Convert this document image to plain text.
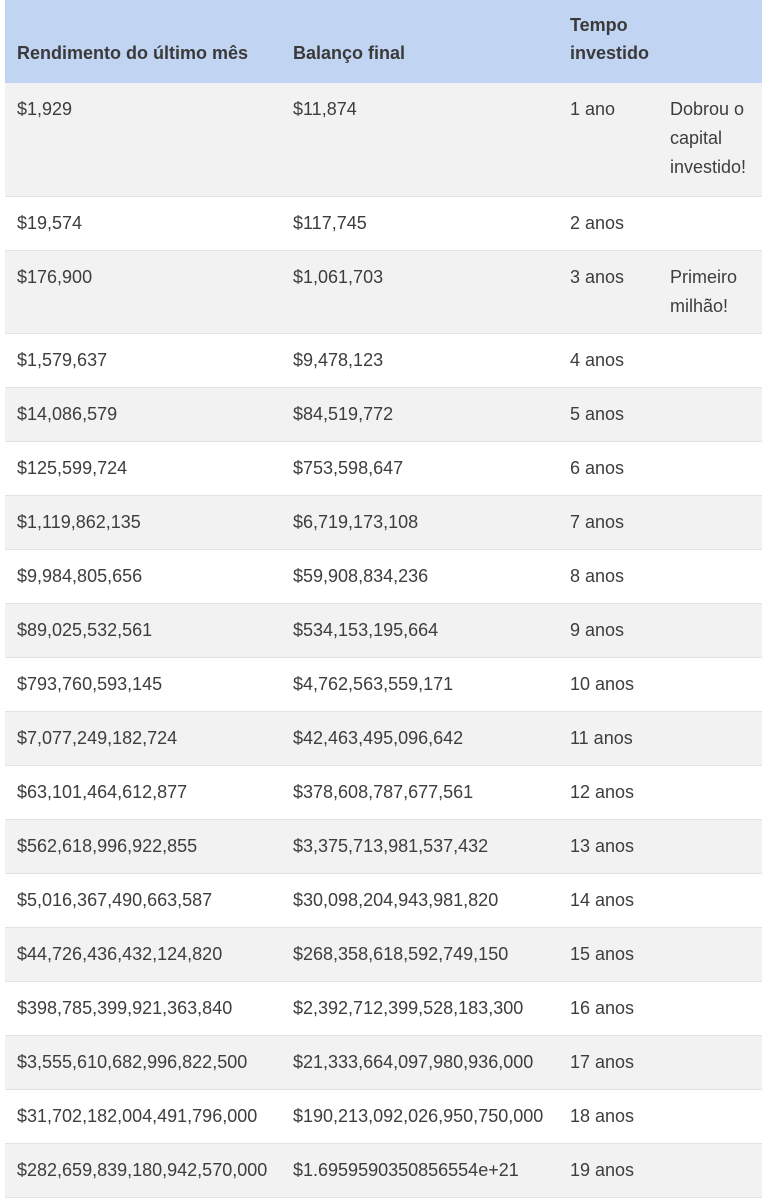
Rendimento do último mês	Balanço final	Tempo investido	
$1,929	$11,874	1 ano	Dobrou o capital investido!
$19,574	$117,745	2 anos	
$176,900	$1,061,703	3 anos	Primeiro milhão!
$1,579,637	$9,478,123	4 anos	
$14,086,579	$84,519,772	5 anos	
$125,599,724	$753,598,647	6 anos	
$1,119,862,135	$6,719,173,108	7 anos	
$9,984,805,656	$59,908,834,236	8 anos	
$89,025,532,561	$534,153,195,664	9 anos	
$793,760,593,145	$4,762,563,559,171	10 anos	
$7,077,249,182,724	$42,463,495,096,642	11 anos	
$63,101,464,612,877	$378,608,787,677,561	12 anos	
$562,618,996,922,855	$3,375,713,981,537,432	13 anos	
$5,016,367,490,663,587	$30,098,204,943,981,820	14 anos	
$44,726,436,432,124,820	$268,358,618,592,749,150	15 anos	
$398,785,399,921,363,840	$2,392,712,399,528,183,300	16 anos	
$3,555,610,682,996,822,500	$21,333,664,097,980,936,000	17 anos	
$31,702,182,004,491,796,000	$190,213,092,026,950,750,000	18 anos	
$282,659,839,180,942,570,000	$1.6959590350856554e+21	19 anos	
